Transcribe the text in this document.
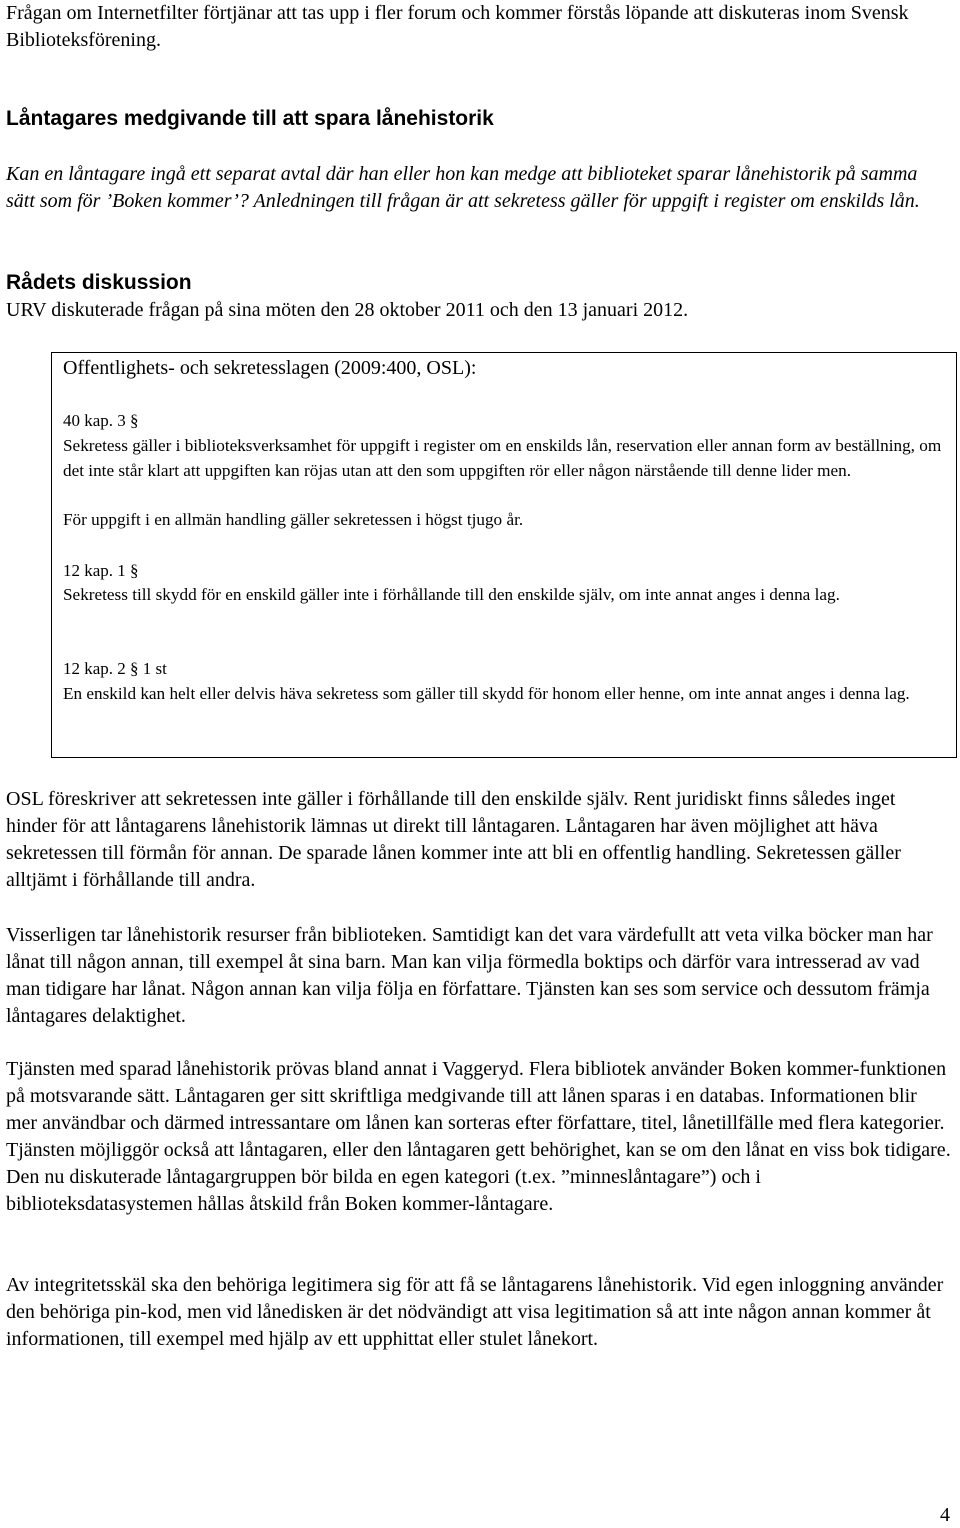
Frågan om Internetfilter förtjänar att tas upp i fler forum och kommer förstås löpande att diskuteras inom Svensk Biblioteksförening.

Låntagares medgivande till att spara lånehistorik

Kan en låntagare ingå ett separat avtal där han eller hon kan medge att biblioteket sparar lånehistorik på samma sätt som för ’Boken kommer’? Anledningen till frågan är att sekretess gäller för uppgift i register om enskilds lån.

Rådets diskussion

URV diskuterade frågan på sina möten den 28 oktober 2011 och den 13 januari 2012.

Offentlighets- och sekretesslagen (2009:400, OSL):

40 kap. 3 §

Sekretess gäller i biblioteksverksamhet för uppgift i register om en enskilds lån, reservation eller annan form av beställning, om det inte står klart att uppgiften kan röjas utan att den som uppgiften rör eller någon närstående till denne lider men.

För uppgift i en allmän handling gäller sekretessen i högst tjugo år.

12 kap. 1 §

Sekretess till skydd för en enskild gäller inte i förhållande till den enskilde själv, om inte annat anges i denna lag.

12 kap. 2 § 1 st

En enskild kan helt eller delvis häva sekretess som gäller till skydd för honom eller henne, om inte annat anges i denna lag.

OSL föreskriver att sekretessen inte gäller i förhållande till den enskilde själv. Rent juridiskt finns således inget hinder för att låntagarens lånehistorik lämnas ut direkt till låntagaren. Låntagaren har även möjlighet att häva sekretessen till förmån för annan. De sparade lånen kommer inte att bli en offentlig handling. Sekretessen gäller alltjämt i förhållande till andra.

Visserligen tar lånehistorik resurser från biblioteken. Samtidigt kan det vara värdefullt att veta vilka böcker man har lånat till någon annan, till exempel åt sina barn. Man kan vilja förmedla boktips och därför vara intresserad av vad man tidigare har lånat. Någon annan kan vilja följa en författare. Tjänsten kan ses som service och dessutom främja låntagares delaktighet.

Tjänsten med sparad lånehistorik prövas bland annat i Vaggeryd. Flera bibliotek använder Boken kommer-funktionen på motsvarande sätt. Låntagaren ger sitt skriftliga medgivande till att lånen sparas i en databas. Informationen blir mer användbar och därmed intressantare om lånen kan sorteras efter författare, titel, lånetillfälle med flera kategorier. Tjänsten möjliggör också att låntagaren, eller den låntagaren gett behörighet, kan se om den lånat en viss bok tidigare. Den nu diskuterade låntagargruppen bör bilda en egen kategori (t.ex. ”minneslåntagare”) och i biblioteksdatasystemen hållas åtskild från Boken kommer-låntagare.

Av integritetsskäl ska den behöriga legitimera sig för att få se låntagarens lånehistorik. Vid egen inloggning använder den behöriga pin-kod, men vid lånedisken är det nödvändigt att visa legitimation så att inte någon annan kommer åt informationen, till exempel med hjälp av ett upphittat eller stulet lånekort.

4
